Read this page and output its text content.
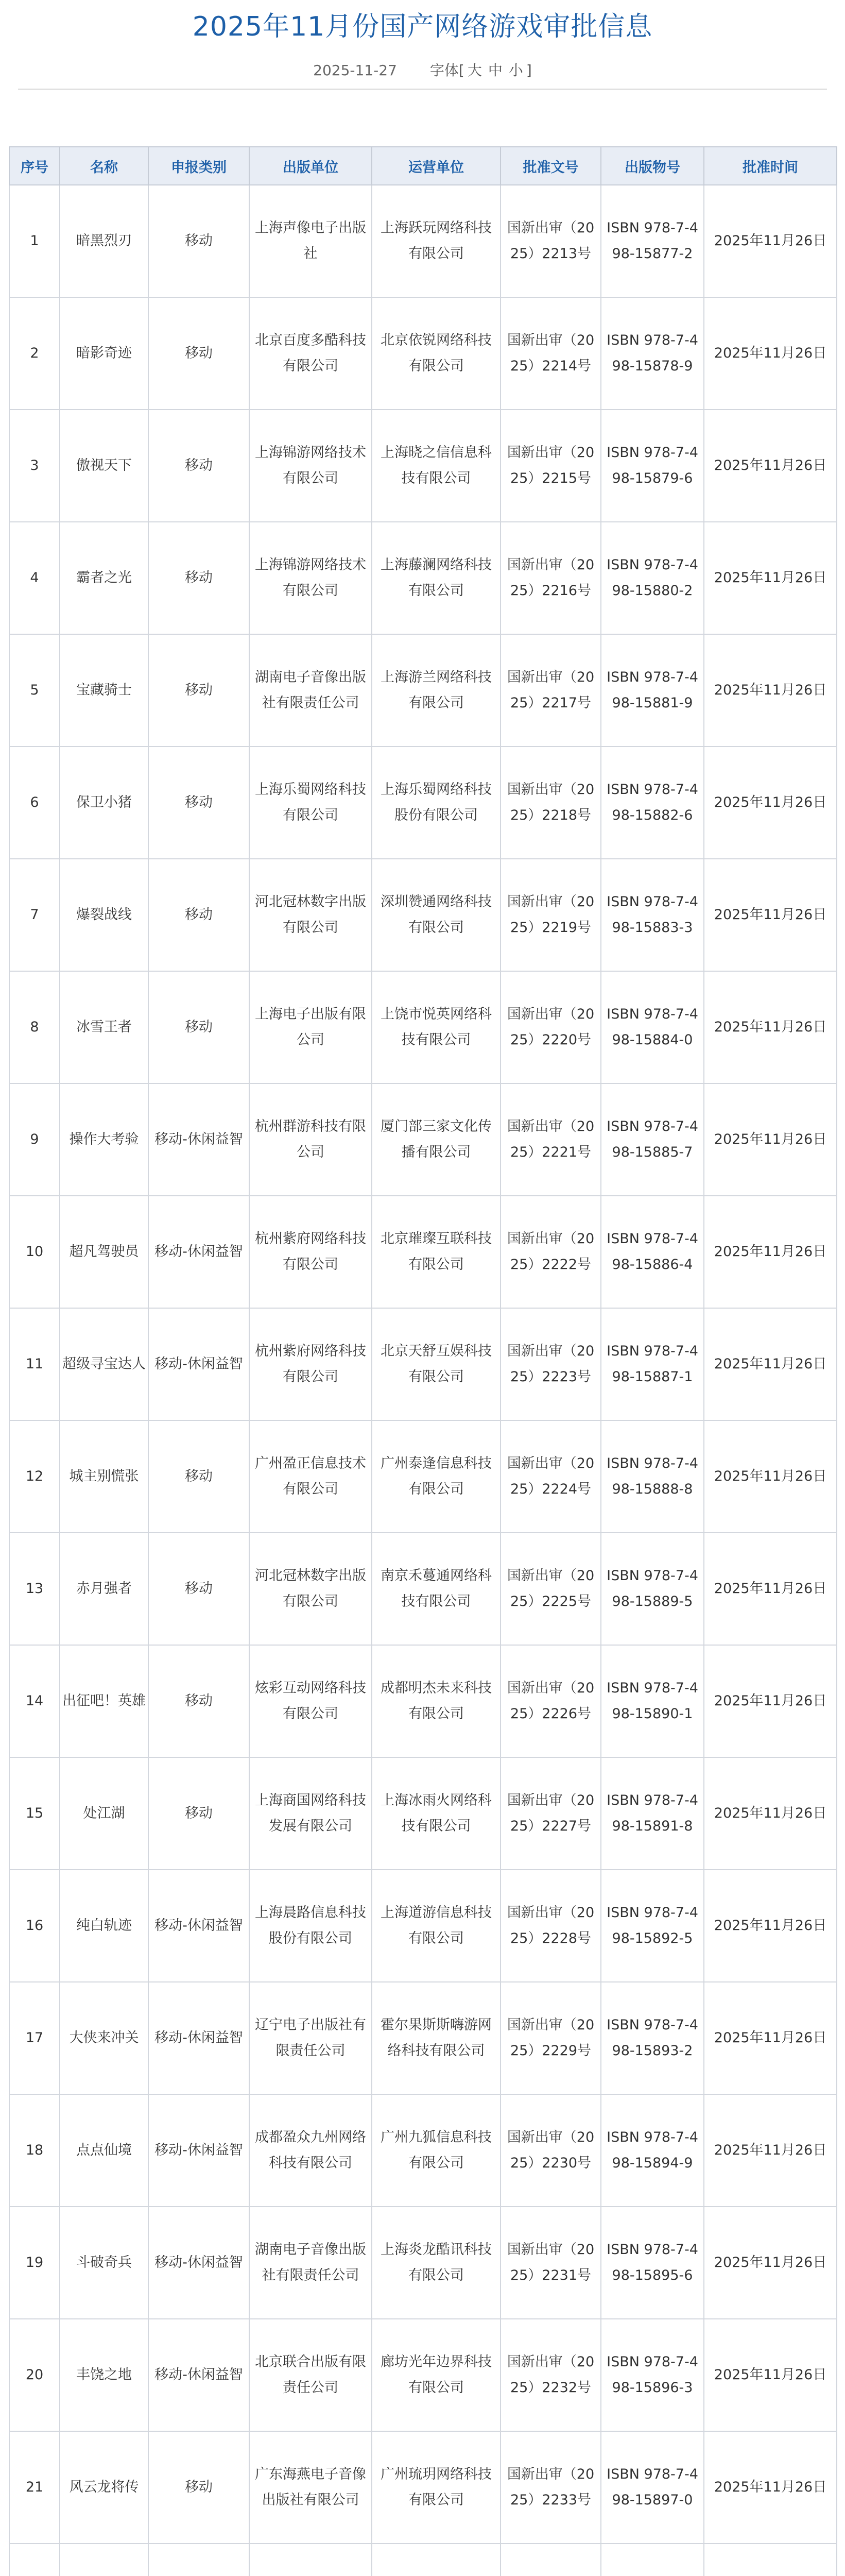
2025年11月份国产网络游戏审批信息
2025-11-27 字体[ 大 中 小 ]
序号	名称	申报类别	出版单位	运营单位	批准文号	出版物号	批准时间
1	暗黑烈刃	移动	上海声像电子出版社	上海跃玩网络科技有限公司	国新出审（2025）2213号	ISBN 978-7-498-15877-2	2025年11月26日
2	暗影奇迹	移动	北京百度多酷科技有限公司	北京依锐网络科技有限公司	国新出审（2025）2214号	ISBN 978-7-498-15878-9	2025年11月26日
3	傲视天下	移动	上海锦游网络技术有限公司	上海晓之信信息科技有限公司	国新出审（2025）2215号	ISBN 978-7-498-15879-6	2025年11月26日
4	霸者之光	移动	上海锦游网络技术有限公司	上海藤澜网络科技有限公司	国新出审（2025）2216号	ISBN 978-7-498-15880-2	2025年11月26日
5	宝藏骑士	移动	湖南电子音像出版社有限责任公司	上海游兰网络科技有限公司	国新出审（2025）2217号	ISBN 978-7-498-15881-9	2025年11月26日
6	保卫小猪	移动	上海乐蜀网络科技有限公司	上海乐蜀网络科技股份有限公司	国新出审（2025）2218号	ISBN 978-7-498-15882-6	2025年11月26日
7	爆裂战线	移动	河北冠林数字出版有限公司	深圳赞通网络科技有限公司	国新出审（2025）2219号	ISBN 978-7-498-15883-3	2025年11月26日
8	冰雪王者	移动	上海电子出版有限公司	上饶市悦英网络科技有限公司	国新出审（2025）2220号	ISBN 978-7-498-15884-0	2025年11月26日
9	操作大考验	移动-休闲益智	杭州群游科技有限公司	厦门部三家文化传播有限公司	国新出审（2025）2221号	ISBN 978-7-498-15885-7	2025年11月26日
10	超凡驾驶员	移动-休闲益智	杭州紫府网络科技有限公司	北京璀璨互联科技有限公司	国新出审（2025）2222号	ISBN 978-7-498-15886-4	2025年11月26日
11	超级寻宝达人	移动-休闲益智	杭州紫府网络科技有限公司	北京天舒互娱科技有限公司	国新出审（2025）2223号	ISBN 978-7-498-15887-1	2025年11月26日
12	城主别慌张	移动	广州盈正信息技术有限公司	广州泰逢信息科技有限公司	国新出审（2025）2224号	ISBN 978-7-498-15888-8	2025年11月26日
13	赤月强者	移动	河北冠林数字出版有限公司	南京禾蔓通网络科技有限公司	国新出审（2025）2225号	ISBN 978-7-498-15889-5	2025年11月26日
14	出征吧！英雄	移动	炫彩互动网络科技有限公司	成都明杰未来科技有限公司	国新出审（2025）2226号	ISBN 978-7-498-15890-1	2025年11月26日
15	处江湖	移动	上海商国网络科技发展有限公司	上海冰雨火网络科技有限公司	国新出审（2025）2227号	ISBN 978-7-498-15891-8	2025年11月26日
16	纯白轨迹	移动-休闲益智	上海晨路信息科技股份有限公司	上海道游信息科技有限公司	国新出审（2025）2228号	ISBN 978-7-498-15892-5	2025年11月26日
17	大侠来冲关	移动-休闲益智	辽宁电子出版社有限责任公司	霍尔果斯斯嗨游网络科技有限公司	国新出审（2025）2229号	ISBN 978-7-498-15893-2	2025年11月26日
18	点点仙境	移动-休闲益智	成都盈众九州网络科技有限公司	广州九狐信息科技有限公司	国新出审（2025）2230号	ISBN 978-7-498-15894-9	2025年11月26日
19	斗破奇兵	移动-休闲益智	湖南电子音像出版社有限责任公司	上海炎龙酷讯科技有限公司	国新出审（2025）2231号	ISBN 978-7-498-15895-6	2025年11月26日
20	丰饶之地	移动-休闲益智	北京联合出版有限责任公司	廊坊光年边界科技有限公司	国新出审（2025）2232号	ISBN 978-7-498-15896-3	2025年11月26日
21	风云龙将传	移动	广东海燕电子音像出版社有限公司	广州琉玥网络科技有限公司	国新出审（2025）2233号	ISBN 978-7-498-15897-0	2025年11月26日
